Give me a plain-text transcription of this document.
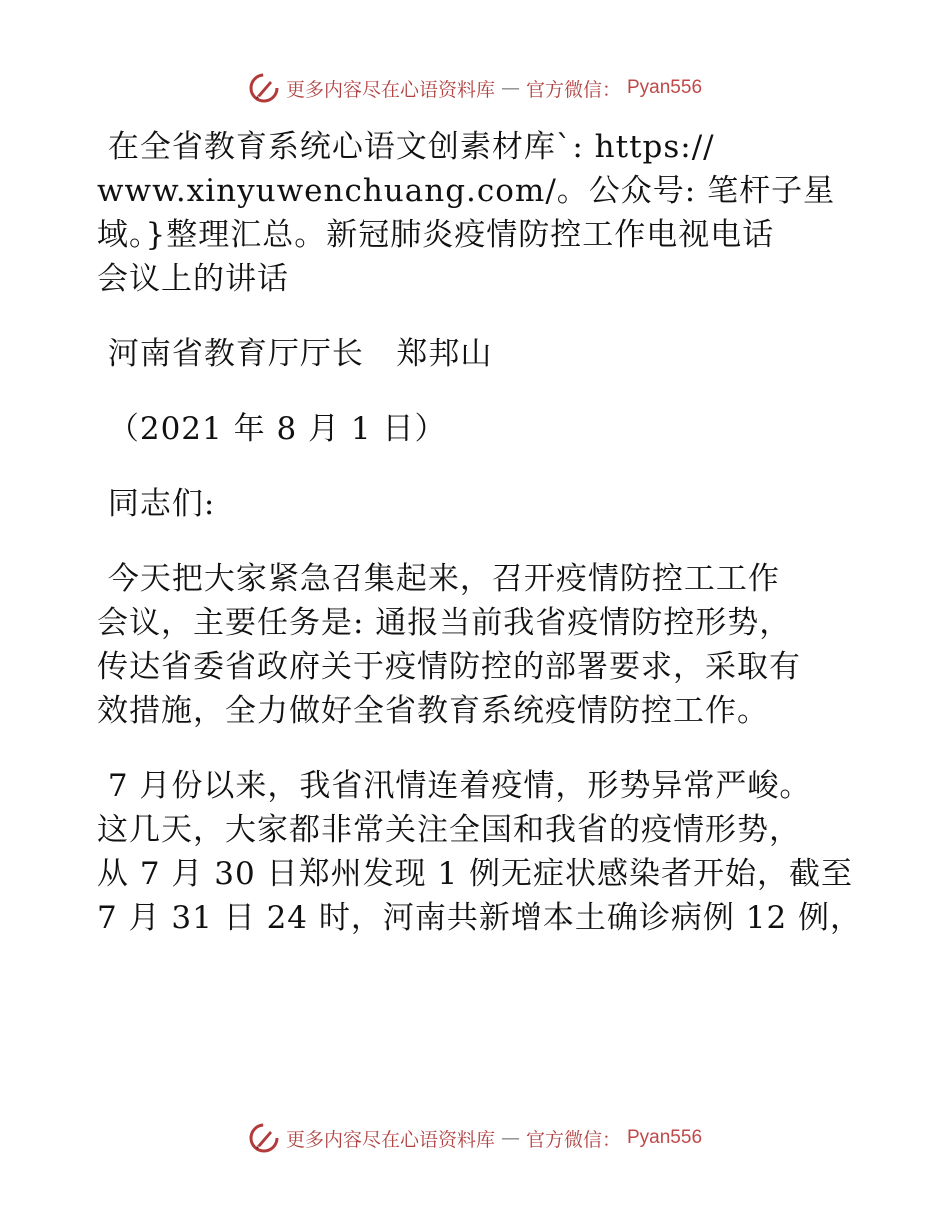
更多内容尽在心语资料库 — 官方微信： Pyan556

在全省教育系统心语文创素材库`: https://

www.xinyuwenchuang.com/。公众号: 笔杆子星

域。}整理汇总。新冠肺炎疫情防控工作电视电话

会议上的讲话

河南省教育厅厅长   郑邦山

（2021 年 8 月 1 日）

同志们:

今天把大家紧急召集起来，召开疫情防控工工作

会议，主要任务是: 通报当前我省疫情防控形势，

传达省委省政府关于疫情防控的部署要求，采取有

效措施，全力做好全省教育系统疫情防控工作。

7 月份以来，我省汛情连着疫情，形势异常严峻。

这几天，大家都非常关注全国和我省的疫情形势，

从 7 月 30 日郑州发现 1 例无症状感染者开始，截至

7 月 31 日 24 时，河南共新增本土确诊病例 12 例，

更多内容尽在心语资料库 — 官方微信： Pyan556
